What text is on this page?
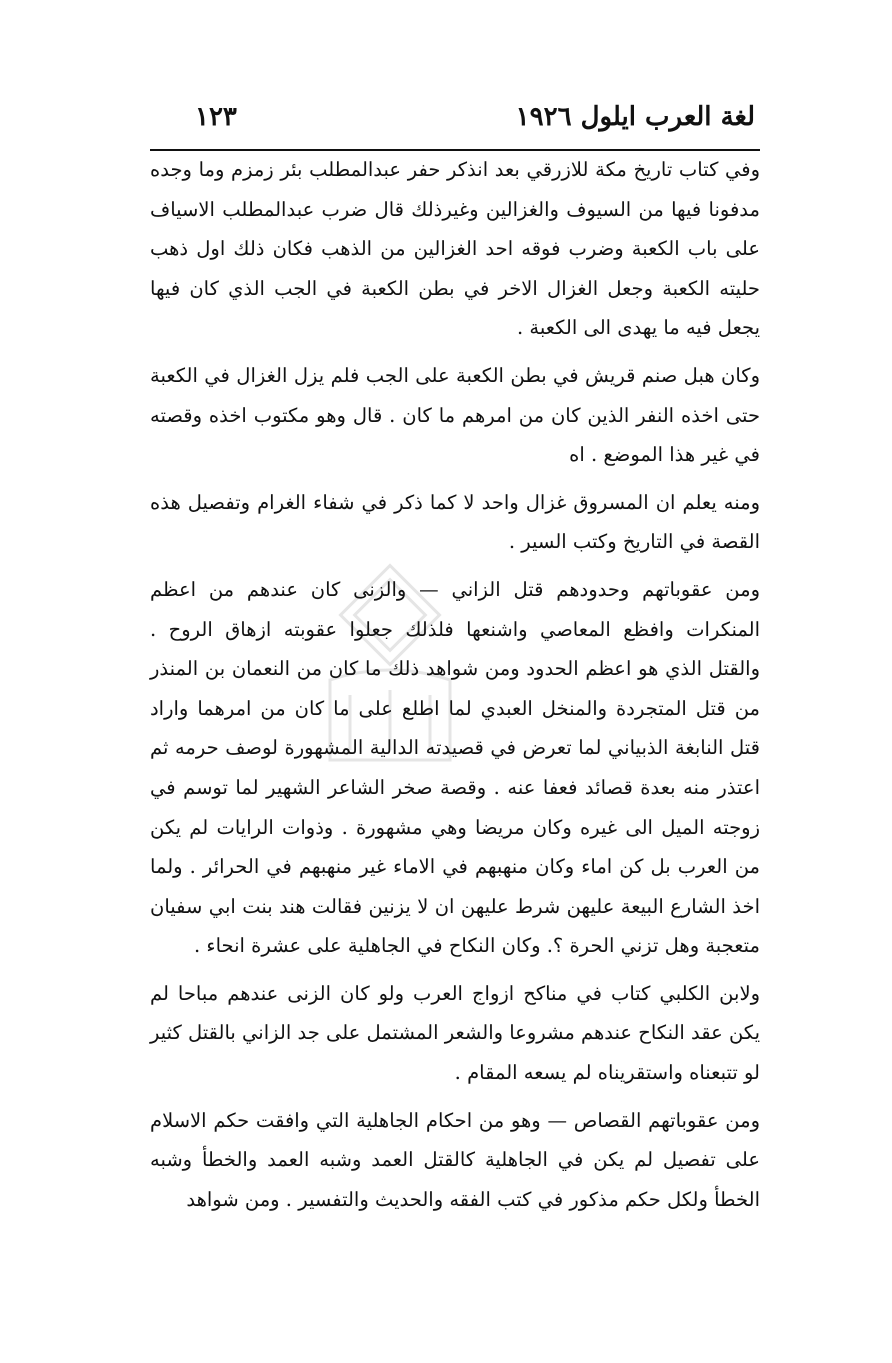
لغة العرب ايلول ١٩٢٦
١٢٣

وفي كتاب تاريخ مكة للازرقي بعد انذكر حفر عبدالمطلب بئر زمزم وما وجده مدفونا فيها من السيوف والغزالين وغيرذلك قال ضرب عبدالمطلب الاسياف على باب الكعبة وضرب فوقه احد الغزالين من الذهب فكان ذلك اول ذهب حليته الكعبة وجعل الغزال الاخر في بطن الكعبة في الجب الذي كان فيها يجعل فيه ما يهدى الى الكعبة .

وكان هبل صنم قريش في بطن الكعبة على الجب فلم يزل الغزال في الكعبة حتى اخذه النفر الذين كان من امرهم ما كان . قال وهو مكتوب اخذه وقصته في غير هذا الموضع . اه

ومنه يعلم ان المسروق غزال واحد لا كما ذكر في شفاء الغرام وتفصيل هذه القصة في التاريخ وكتب السير .

ومن عقوباتهم وحدودهم قتل الزاني — والزنى كان عندهم من اعظم المنكرات وافظع المعاصي واشنعها فلذلك جعلوا عقوبته ازهاق الروح . والقتل الذي هو اعظم الحدود ومن شواهد ذلك ما كان من النعمان بن المنذر من قتل المتجردة والمنخل العبدي لما اطلع على ما كان من امرهما واراد قتل النابغة الذبياني لما تعرض في قصيدته الدالية المشهورة لوصف حرمه ثم اعتذر منه بعدة قصائد فعفا عنه . وقصة صخر الشاعر الشهير لما توسم في زوجته الميل الى غيره وكان مريضا وهي مشهورة . وذوات الرايات لم يكن من العرب بل كن اماء وكان منهبهم في الاماء غير منهبهم في الحرائر . ولما اخذ الشارع البيعة عليهن شرط عليهن ان لا يزنين فقالت هند بنت ابي سفيان متعجبة وهل تزني الحرة ؟. وكان النكاح في الجاهلية على عشرة انحاء .

ولابن الكلبي كتاب في مناكح ازواج العرب ولو كان الزنى عندهم مباحا لم يكن عقد النكاح عندهم مشروعا والشعر المشتمل على جد الزاني بالقتل كثير لو تتبعناه واستقريناه لم يسعه المقام .

ومن عقوباتهم القصاص — وهو من احكام الجاهلية التي وافقت حكم الاسلام على تفصيل لم يكن في الجاهلية كالقتل العمد وشبه العمد والخطأ وشبه الخطأ ولكل حكم مذكور في كتب الفقه والحديث والتفسير . ومن شواهد
